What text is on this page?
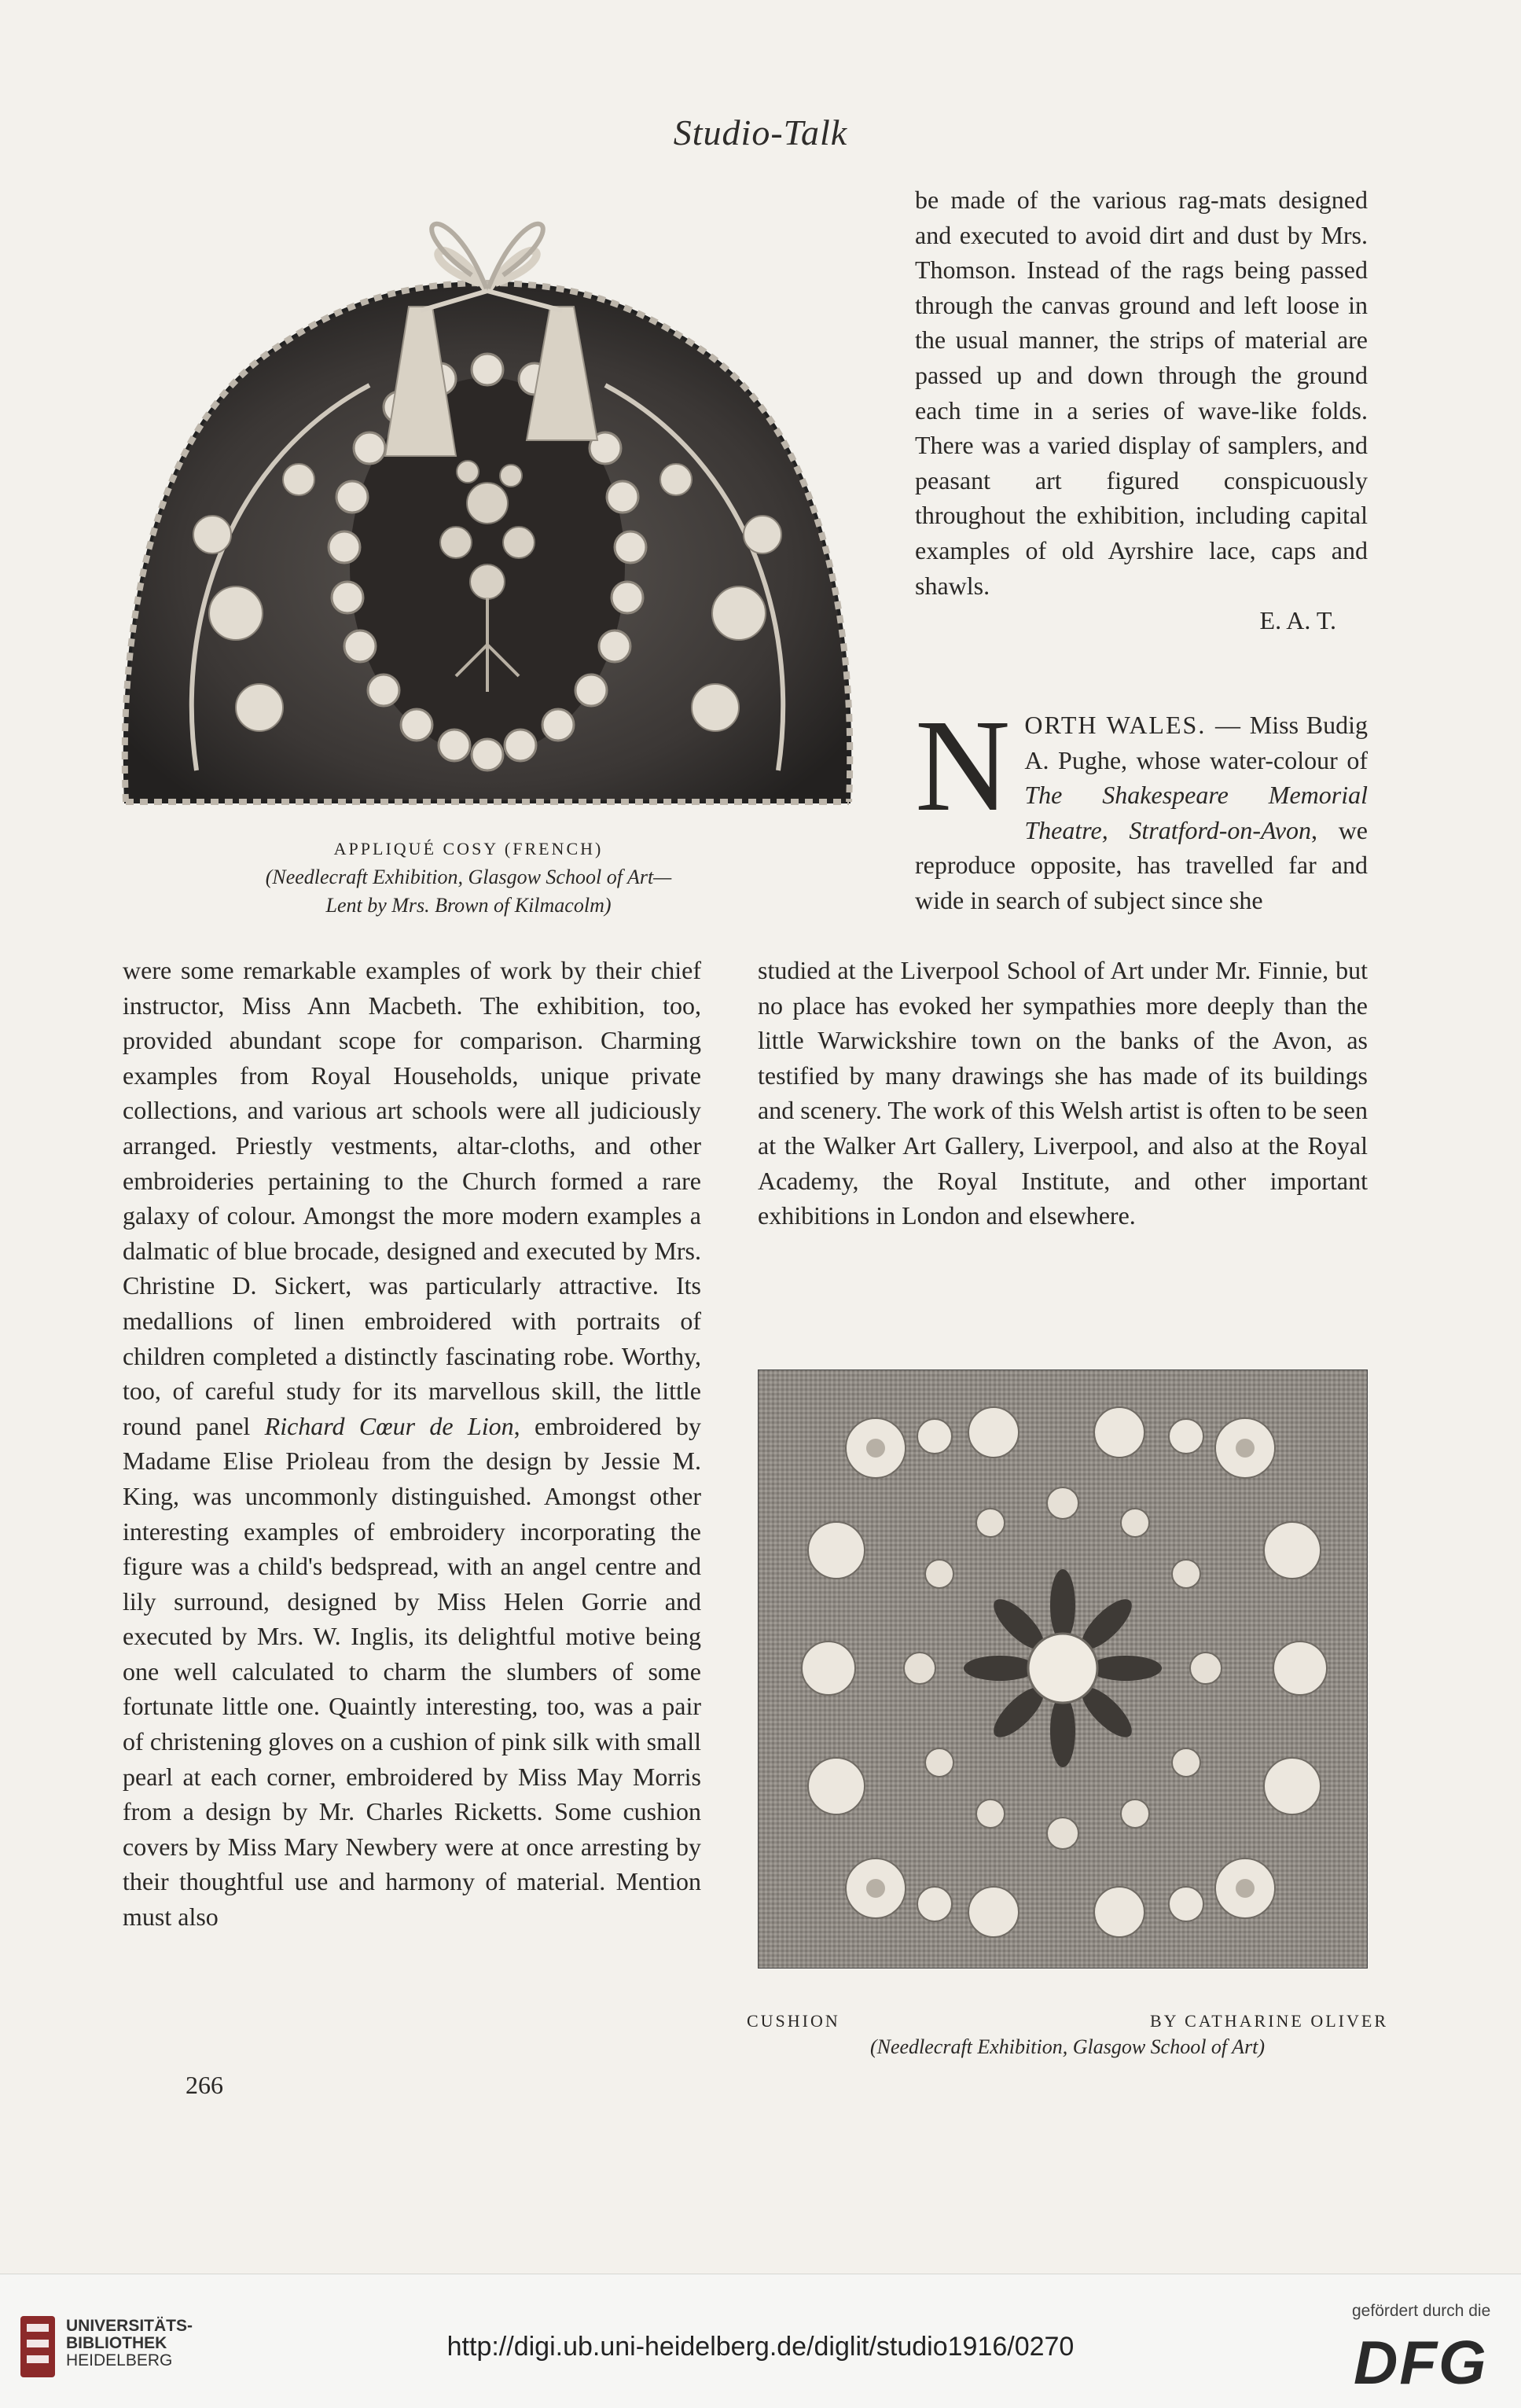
Studio-Talk
APPLIQUÉ COSY (FRENCH)
(Needlecraft Exhibition, Glasgow School of Art—
Lent by Mrs. Brown of Kilmacolm)

be made of the various rag-mats designed and executed to avoid dirt and dust by Mrs. Thomson. Instead of the rags being passed through the canvas ground and left loose in the usual manner, the strips of material are passed up and down through the ground each time in a series of wave-like folds. There was a varied display of samplers, and peasant art figured conspicuously throughout the exhibition, including capital examples of old Ayrshire lace, caps and shawls.

E. A. T.

N ORTH WALES. — Miss Budig A. Pughe, whose water-colour of The Shakespeare Memorial Theatre, Stratford-on-Avon, we reproduce opposite, has travelled far and wide in search of subject since she

were some remarkable examples of work by their chief instructor, Miss Ann Macbeth. The exhibition, too, provided abundant scope for comparison. Charming examples from Royal Households, unique private collections, and various art schools were all judiciously arranged. Priestly vestments, altar-cloths, and other embroideries pertaining to the Church formed a rare galaxy of colour. Amongst the more modern examples a dalmatic of blue brocade, designed and executed by Mrs. Christine D. Sickert, was particularly attractive. Its medallions of linen embroidered with portraits of children completed a distinctly fascinating robe. Worthy, too, of careful study for its marvellous skill, the little round panel Richard Cœur de Lion, embroidered by Madame Elise Prioleau from the design by Jessie M. King, was uncommonly distinguished. Amongst other interesting examples of embroidery incorporating the figure was a child's bedspread, with an angel centre and lily surround, designed by Miss Helen Gorrie and executed by Mrs. W. Inglis, its delightful motive being one well calculated to charm the slumbers of some fortunate little one. Quaintly interesting, too, was a pair of christening gloves on a cushion of pink silk with small pearl at each corner, embroidered by Miss May Morris from a design by Mr. Charles Ricketts. Some cushion covers by Miss Mary Newbery were at once arresting by their thoughtful use and harmony of material. Mention must also

studied at the Liverpool School of Art under Mr. Finnie, but no place has evoked her sympathies more deeply than the little Warwickshire town on the banks of the Avon, as testified by many drawings she has made of its buildings and scenery. The work of this Welsh artist is often to be seen at the Walker Art Gallery, Liverpool, and also at the Royal Academy, the Royal Institute, and other important exhibitions in London and elsewhere.

CUSHION	BY CATHARINE OLIVER
(Needlecraft Exhibition, Glasgow School of Art)
266
UNIVERSITÄTS-
BIBLIOTHEK
HEIDELBERG	http://digi.ub.uni-heidelberg.de/diglit/studio1916/0270
gefördert durch die
DFG
